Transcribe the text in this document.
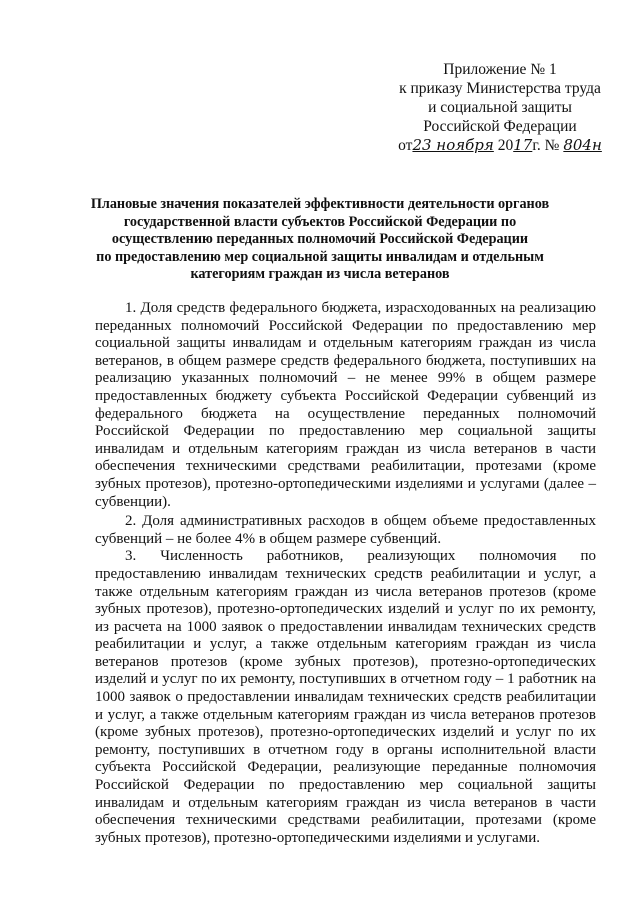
Приложение № 1
к приказу Министерства труда
и социальной защиты
Российской Федерации
от23 ноября 2017г. № 804н
Плановые значения показателей эффективности деятельности органов
государственной власти субъектов Российской Федерации по
осуществлению переданных полномочий Российской Федерации
по предоставлению мер социальной защиты инвалидам и отдельным
категориям граждан из числа ветеранов

1. Доля средств федерального бюджета, израсходованных на реализацию переданных полномочий Российской Федерации по предоставлению мер социальной защиты инвалидам и отдельным категориям граждан из числа ветеранов, в общем размере средств федерального бюджета, поступивших на реализацию указанных полномочий – не менее 99% в общем размере предоставленных бюджету субъекта Российской Федерации субвенций из федерального бюджета на осуществление переданных полномочий Российской Федерации по предоставлению мер социальной защиты инвалидам и отдельным категориям граждан из числа ветеранов в части обеспечения техническими средствами реабилитации, протезами (кроме зубных протезов), протезно-ортопедическими изделиями и услугами (далее – субвенции).

2. Доля административных расходов в общем объеме предоставленных субвенций – не более 4% в общем размере субвенций.

3. Численность работников, реализующих полномочия по предоставлению инвалидам технических средств реабилитации и услуг, а также отдельным категориям граждан из числа ветеранов протезов (кроме зубных протезов), протезно-ортопедических изделий и услуг по их ремонту, из расчета на 1000 заявок о предоставлении инвалидам технических средств реабилитации и услуг, а также отдельным категориям граждан из числа ветеранов протезов (кроме зубных протезов), протезно-ортопедических изделий и услуг по их ремонту, поступивших в отчетном году – 1 работник на 1000 заявок о предоставлении инвалидам технических средств реабилитации и услуг, а также отдельным категориям граждан из числа ветеранов протезов (кроме зубных протезов), протезно-ортопедических изделий и услуг по их ремонту, поступивших в отчетном году в органы исполнительной власти субъекта Российской Федерации, реализующие переданные полномочия Российской Федерации по предоставлению мер социальной защиты инвалидам и отдельным категориям граждан из числа ветеранов в части обеспечения техническими средствами реабилитации, протезами (кроме зубных протезов), протезно-ортопедическими изделиями и услугами.
